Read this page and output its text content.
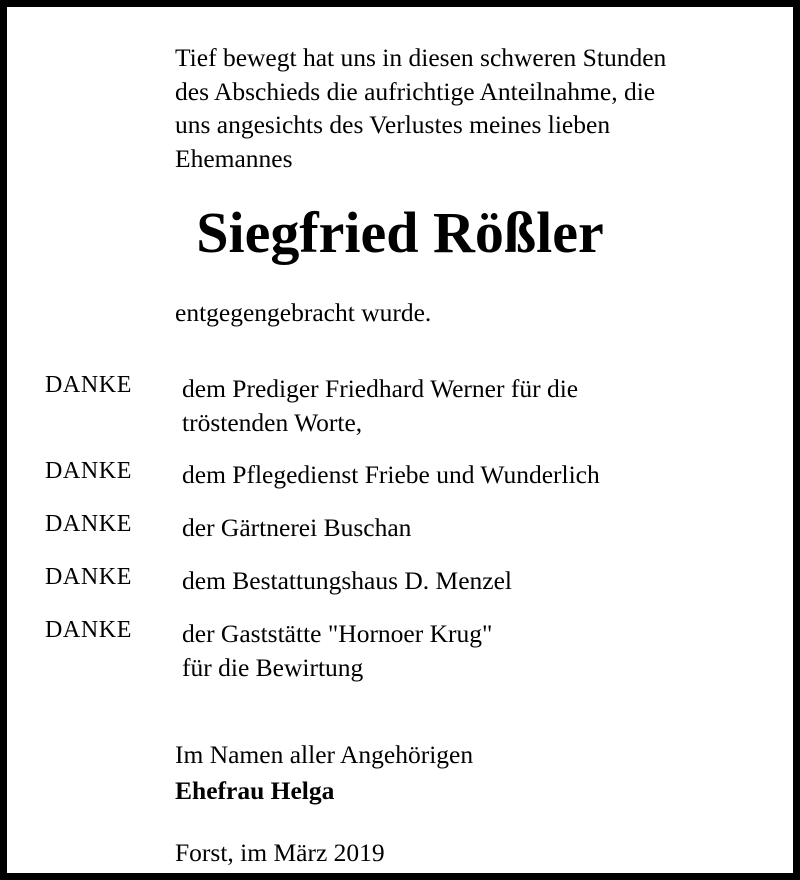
Tief bewegt hat uns in diesen schweren Stunden
des Abschieds die aufrichtige Anteilnahme, die
uns angesichts des Verlustes meines lieben
Ehemannes
Siegfried Rößler
entgegengebracht wurde.
DANKE	dem Prediger Friedhard Werner für die
tröstenden Worte,
DANKE	dem Pflegedienst Friebe und Wunderlich
DANKE	der Gärtnerei Buschan
DANKE	dem Bestattungshaus D. Menzel
DANKE	der Gaststätte "Hornoer Krug"
für die Bewirtung
Im Namen aller Angehörigen
Ehefrau Helga
Forst, im März 2019
